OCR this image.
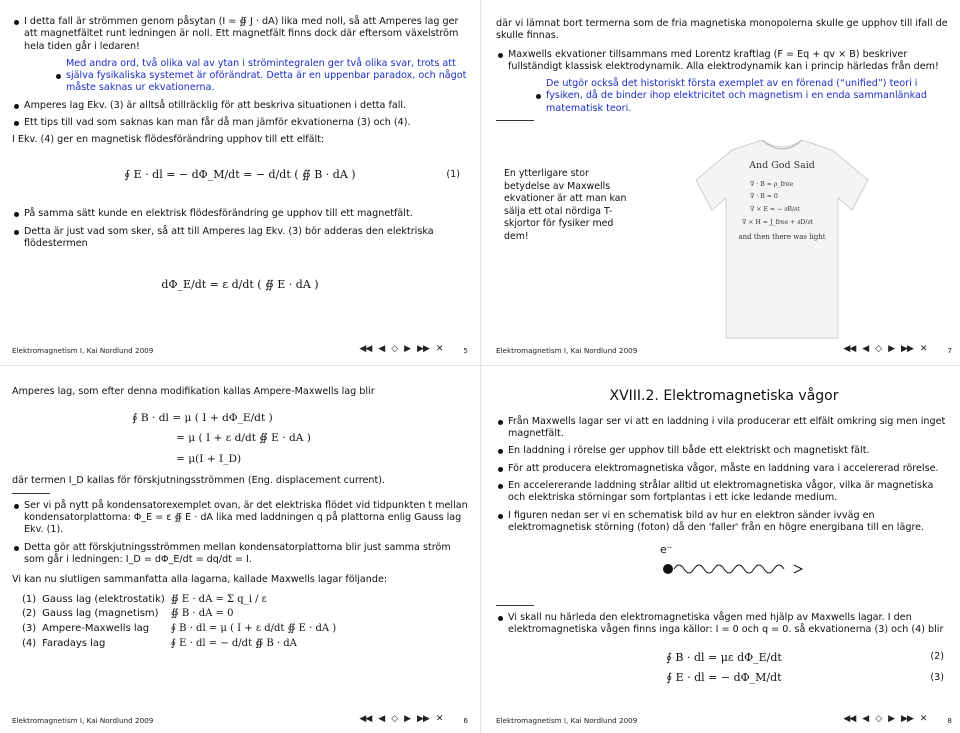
I detta fall är strömmen genom påsytan (I = ∯ J · dA) lika med noll, så att Amperes lag ger att magnetfältet runt ledningen är noll. Ett magnetfält finns dock där eftersom växelström hela tiden går i ledaren!
Med andra ord, två olika val av ytan i strömintegralen ger två olika svar, trots att själva fysikaliska systemet är oförändrat. Detta är en uppenbar paradox, och något måste saknas ur ekvationerna.
Amperes lag Ekv. (3) är alltså otillräcklig för att beskriva situationen i detta fall.
Ett tips till vad som saknas kan man får då man jämför ekvationerna (3) och (4).
I Ekv. (4) ger en magnetisk flödesförändring upphov till ett elfält:
∮ E · dl = − dΦ_M/dt = − d/dt ( ∯ B · dA )	(1)
På samma sätt kunde en elektrisk flödesförändring ge upphov till ett magnetfält.
Detta är just vad som sker, så att till Amperes lag Ekv. (3) bör adderas den elektriska flödestermen
dΦ_E/dt = ε d/dt ( ∯ E · dA )
Elektromagnetism I, Kai Nordlund 2009	◀◀ ◀ ◇ ▶ ▶▶ ✕	5
där vi lämnat bort termerna som de fria magnetiska monopolerna skulle ge upphov till ifall de skulle finnas.
Maxwells ekvationer tillsammans med Lorentz kraftlag (F = Eq + qv × B) beskriver fullständigt klassisk elektrodynamik. Alla elektrodynamik kan i princip härledas från dem!
De utgör också det historiskt första exemplet av en förenad (“unified”) teori i fysiken, då de binder ihop elektricitet och magnetism i en enda sammanlänkad matematisk teori.
En ytterligare stor betydelse av Maxwells ekvationer är att man kan sälja ett otal nördiga T-skjortor för fysiker med dem!
And God Said
∇ · B = ρ_free
∇ · B = 0
∇ × E = − ∂B/∂t
∇ × H = J_free + ∂D/∂t
and then there was light
Elektromagnetism I, Kai Nordlund 2009	◀◀ ◀ ◇ ▶ ▶▶ ✕	7
Amperes lag, som efter denna modifikation kallas Ampere-Maxwells lag blir
∮ B · dl = μ ( I + dΦ_E/dt )
= μ ( I + ε d/dt ∯ E · dA )
= μ(I + I_D)
där termen I_D kallas för förskjutningsströmmen (Eng. displacement current).
Ser vi på nytt på kondensatorexemplet ovan, är det elektriska flödet vid tidpunkten t mellan kondensatorplattorna: Φ_E = ε ∯ E · dA lika med laddningen q på plattorna enlig Gauss lag Ekv. (1).
Detta gör att förskjutningsströmmen mellan kondensatorplattorna blir just samma ström som går i ledningen: I_D = dΦ_E/dt = dq/dt = I.
Vi kan nu slutligen sammanfatta alla lagarna, kallade Maxwells lagar följande:
(1)	Gauss lag (elektrostatik)	∯ E · dA = Σ q_i / ε
(2)	Gauss lag (magnetism)	∯ B · dA = 0
(3)	Ampere-Maxwells lag	∮ B · dl = μ ( I + ε d/dt ∯ E · dA )
(4)	Faradays lag	∮ E · dl = − d/dt ∯ B · dA
Elektromagnetism I, Kai Nordlund 2009	◀◀ ◀ ◇ ▶ ▶▶ ✕	6
XVIII.2. Elektromagnetiska vågor
Från Maxwells lagar ser vi att en laddning i vila producerar ett elfält omkring sig men inget magnetfält.
En laddning i rörelse ger upphov till både ett elektriskt och magnetiskt fält.
För att producera elektromagnetiska vågor, måste en laddning vara i accelererad rörelse.
En accelererande laddning strålar alltid ut elektromagnetiska vågor, vilka är magnetiska och elektriska störningar som fortplantas i ett icke ledande medium.
I figuren nedan ser vi en schematisk bild av hur en elektron sänder ivväg en elektromagnetisk störning (foton) då den 'faller' från en högre energibana till en lägre.
e⁻
Vi skall nu härleda den elektromagnetiska vågen med hjälp av Maxwells lagar. I den elektromagnetiska vågen finns inga källor: I = 0 och q = 0. så ekvationerna (3) och (4) blir
∮ B · dl = με dΦ_E/dt	(2)
∮ E · dl = − dΦ_M/dt	(3)
Elektromagnetism I, Kai Nordlund 2009	◀◀ ◀ ◇ ▶ ▶▶ ✕	8
